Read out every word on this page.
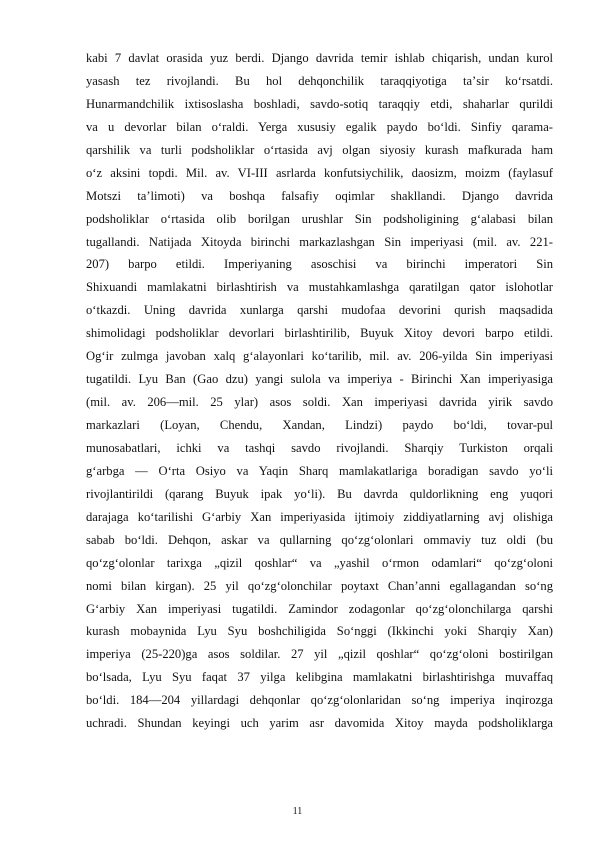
kabi 7 davlat orasida yuz berdi. Django davrida temir ishlab chiqarish, undan kurol
yasash tez rivojlandi. Bu hol dehqonchilik taraqqiyotiga taʼsir koʻrsatdi.
Hunarmandchilik ixtisoslasha boshladi, savdo-sotiq taraqqiy etdi, shaharlar qurildi
va u devorlar bilan oʻraldi. Yerga xususiy egalik paydo boʻldi. Sinfiy qarama-
qarshilik va turli podsholiklar oʻrtasida avj olgan siyosiy kurash mafkurada ham
oʻz aksini topdi. Mil. av. VI-III asrlarda konfutsiychilik, daosizm, moizm (faylasuf
Motszi taʼlimoti) va boshqa falsafiy oqimlar shakllandi. Django davrida
podsholiklar oʻrtasida olib borilgan urushlar Sin podsholigining gʻalabasi bilan
tugallandi. Natijada Xitoyda birinchi markazlashgan Sin imperiyasi (mil. av. 221-
207) barpo etildi. Imperiyaning asoschisi va birinchi imperatori Sin
Shixuandi mamlakatni birlashtirish va mustahkamlashga qaratilgan qator islohotlar
oʻtkazdi. Uning davrida xunlarga qarshi mudofaa devorini qurish maqsadida
shimolidagi podsholiklar devorlari birlashtirilib, Buyuk Xitoy devori barpo etildi.
Ogʻir zulmga javoban xalq gʻalayonlari koʻtarilib, mil. av. 206-yilda Sin imperiyasi
tugatildi. Lyu Ban (Gao dzu) yangi sulola va imperiya - Birinchi Xan imperiyasiga
(mil. av. 206—mil. 25 ylar) asos soldi. Xan imperiyasi davrida yirik savdo
markazlari (Loyan, Chendu, Xandan, Lindzi) paydo boʻldi, tovar-pul
munosabatlari, ichki va tashqi savdo rivojlandi. Sharqiy Turkiston orqali
gʻarbga — Oʻrta Osiyo va Yaqin Sharq mamlakatlariga boradigan savdo yoʻli
rivojlantirildi (qarang Buyuk ipak yoʻli). Bu davrda quldorlikning eng yuqori
darajaga koʻtarilishi Gʻarbiy Xan imperiyasida ijtimoiy ziddiyatlarning avj olishiga
sabab boʻldi. Dehqon, askar va qullarning qoʻzgʻolonlari ommaviy tuz oldi (bu
qoʻzgʻolonlar tarixga „qizil qoshlar“ va „yashil oʻrmon odamlari“ qoʻzgʻoloni
nomi bilan kirgan). 25 yil qoʻzgʻolonchilar poytaxt Chanʼanni egallagandan soʻng
Gʻarbiy Xan imperiyasi tugatildi. Zamindor zodagonlar qoʻzgʻolonchilarga qarshi
kurash mobaynida Lyu Syu boshchiligida Soʻnggi (Ikkinchi yoki Sharqiy Xan)
imperiya (25-220)ga asos soldilar. 27 yil „qizil qoshlar“ qoʻzgʻoloni bostirilgan
boʻlsada, Lyu Syu faqat 37 yilga kelibgina mamlakatni birlashtirishga muvaffaq
boʻldi. 184—204 yillardagi dehqonlar qoʻzgʻolonlaridan soʻng imperiya inqirozga
uchradi. Shundan keyingi uch yarim asr davomida Xitoy mayda podsholiklarga
11
